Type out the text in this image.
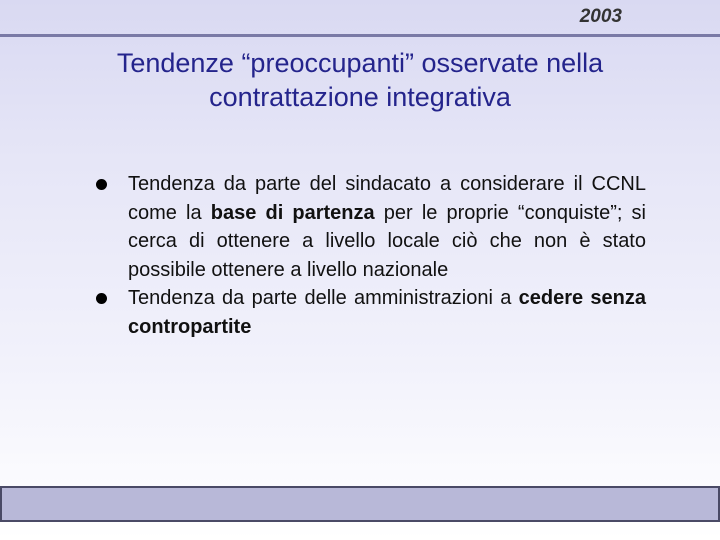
2003
Tendenze “preoccupanti” osservate nella
contrattazione integrativa
Tendenza da parte del sindacato a considerare il CCNL come la base di partenza per le proprie “conquiste”; si cerca di ottenere a livello locale ciò che non è stato possibile ottenere a livello nazionale
Tendenza da parte delle amministrazioni a cedere senza contropartite
